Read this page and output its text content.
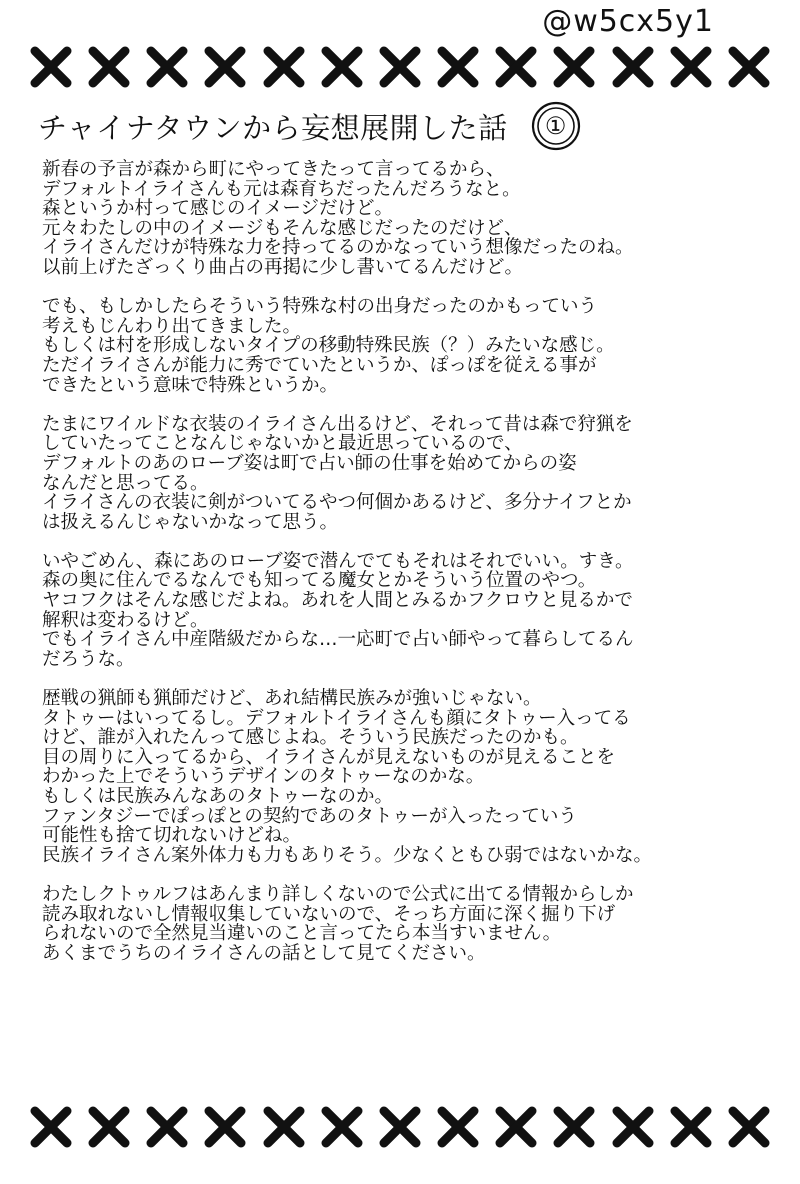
@w5cx5y1
チャイナタウンから妄想展開した話	①
新春の予言が森から町にやってきたって言ってるから、
デフォルトイライさんも元は森育ちだったんだろうなと。
森というか村って感じのイメージだけど。
元々わたしの中のイメージもそんな感じだったのだけど、
イライさんだけが特殊な力を持ってるのかなっていう想像だったのね。
以前上げたざっくり曲占の再掲に少し書いてるんだけど。
でも、もしかしたらそういう特殊な村の出身だったのかもっていう
考えもじんわり出てきました。
もしくは村を形成しないタイプの移動特殊民族（？）みたいな感じ。
ただイライさんが能力に秀でていたというか、ぽっぽを従える事が
できたという意味で特殊というか。
たまにワイルドな衣装のイライさん出るけど、それって昔は森で狩猟を
していたってことなんじゃないかと最近思っているので、
デフォルトのあのローブ姿は町で占い師の仕事を始めてからの姿
なんだと思ってる。
イライさんの衣装に剣がついてるやつ何個かあるけど、多分ナイフとか
は扱えるんじゃないかなって思う。
いやごめん、森にあのローブ姿で潜んでてもそれはそれでいい。すき。
森の奥に住んでるなんでも知ってる魔女とかそういう位置のやつ。
ヤコフクはそんな感じだよね。あれを人間とみるかフクロウと見るかで
解釈は変わるけど。
でもイライさん中産階級だからな…一応町で占い師やって暮らしてるん
だろうな。
歴戦の猟師も猟師だけど、あれ結構民族みが強いじゃない。
タトゥーはいってるし。デフォルトイライさんも顔にタトゥー入ってる
けど、誰が入れたんって感じよね。そういう民族だったのかも。
目の周りに入ってるから、イライさんが見えないものが見えることを
わかった上でそういうデザインのタトゥーなのかな。
もしくは民族みんなあのタトゥーなのか。
ファンタジーでぽっぽとの契約であのタトゥーが入ったっていう
可能性も捨て切れないけどね。
民族イライさん案外体力も力もありそう。少なくともひ弱ではないかな。
わたしクトゥルフはあんまり詳しくないので公式に出てる情報からしか
読み取れないし情報収集していないので、そっち方面に深く掘り下げ
られないので全然見当違いのこと言ってたら本当すいません。
あくまでうちのイライさんの話として見てください。
